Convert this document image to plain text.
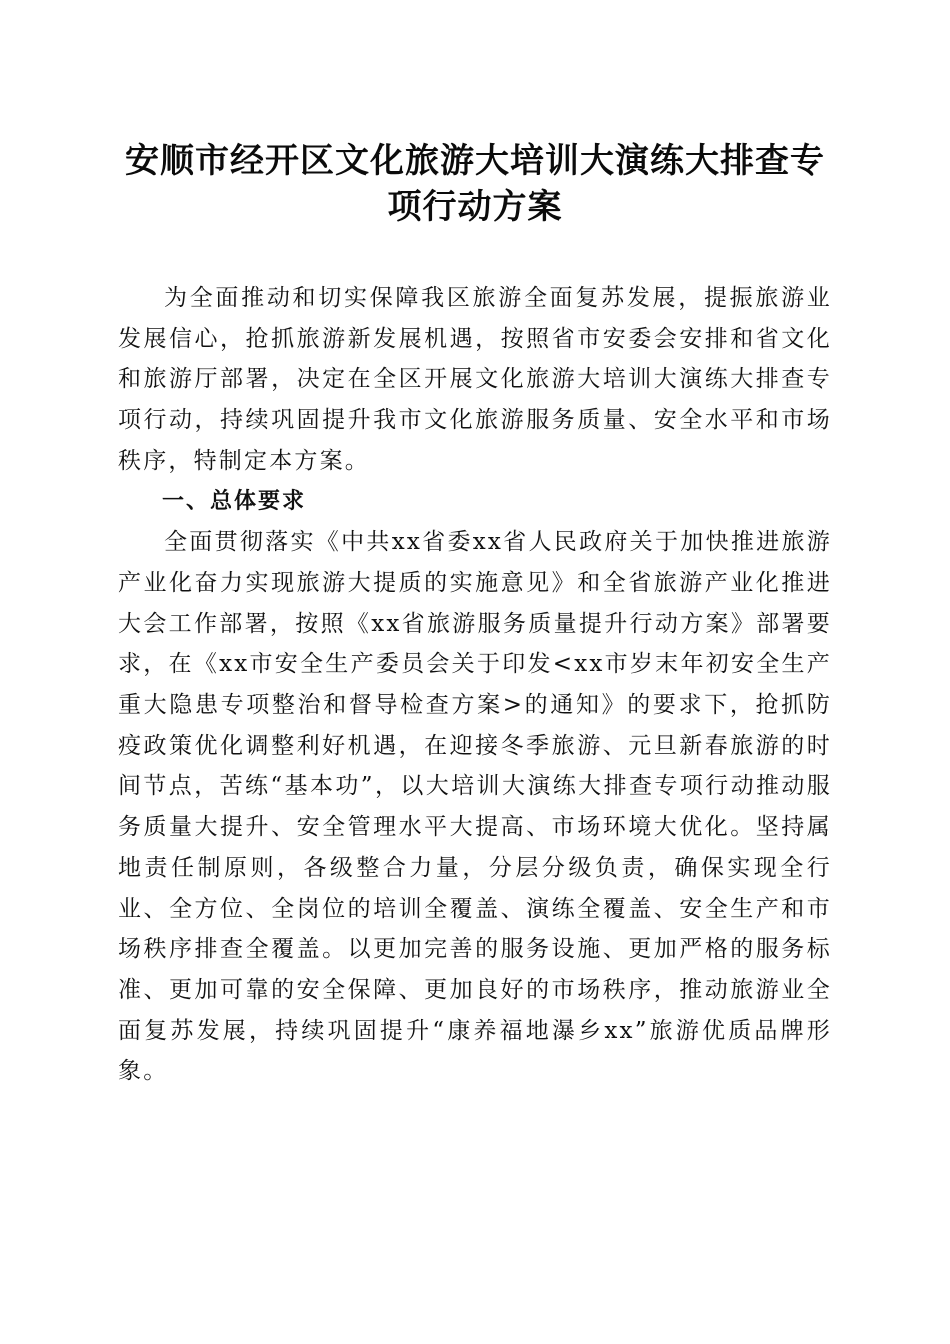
安顺市经开区文化旅游大培训大演练大排查专
项行动方案

为全面推动和切实保障我区旅游全面复苏发展，提振旅游业发展信心，抢抓旅游新发展机遇，按照省市安委会安排和省文化和旅游厅部署，决定在全区开展文化旅游大培训大演练大排查专项行动，持续巩固提升我市文化旅游服务质量、安全水平和市场秩序，特制定本方案。

一、总体要求

全面贯彻落实《中共xx省委xx省人民政府关于加快推进旅游产业化奋力实现旅游大提质的实施意见》和全省旅游产业化推进大会工作部署，按照《xx省旅游服务质量提升行动方案》部署要求，在《xx市安全生产委员会关于印发<xx市岁末年初安全生产重大隐患专项整治和督导检查方案>的通知》的要求下，抢抓防疫政策优化调整利好机遇，在迎接冬季旅游、元旦新春旅游的时间节点，苦练“基本功”，以大培训大演练大排查专项行动推动服务质量大提升、安全管理水平大提高、市场环境大优化。坚持属地责任制原则，各级整合力量，分层分级负责，确保实现全行业、全方位、全岗位的培训全覆盖、演练全覆盖、安全生产和市场秩序排查全覆盖。以更加完善的服务设施、更加严格的服务标准、更加可靠的安全保障、更加良好的市场秩序，推动旅游业全面复苏发展，持续巩固提升“康养福地瀑乡xx”旅游优质品牌形象。
